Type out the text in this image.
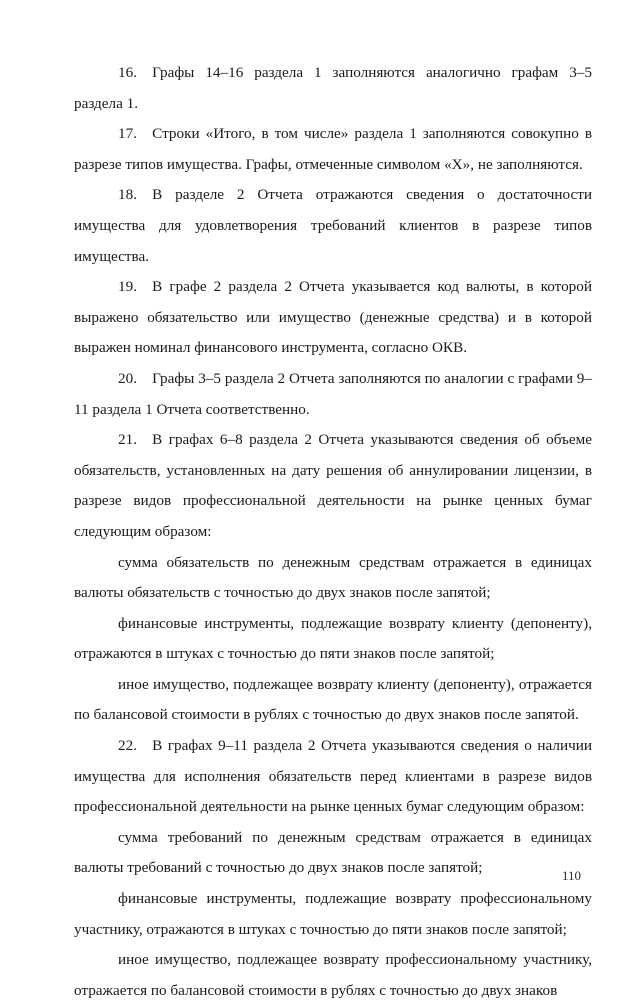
16. Графы 14–16 раздела 1 заполняются аналогично графам 3–5 раздела 1.

17. Строки «Итого, в том числе» раздела 1 заполняются совокупно в разрезе типов имущества. Графы, отмеченные символом «Х», не заполняются.

18. В разделе 2 Отчета отражаются сведения о достаточности имущества для удовлетворения требований клиентов в разрезе типов имущества.

19. В графе 2 раздела 2 Отчета указывается код валюты, в которой выражено обязательство или имущество (денежные средства) и в которой выражен номинал финансового инструмента, согласно ОКВ.

20. Графы 3–5 раздела 2 Отчета заполняются по аналогии с графами 9–11 раздела 1 Отчета соответственно.

21. В графах 6–8 раздела 2 Отчета указываются сведения об объеме обязательств, установленных на дату решения об аннулировании лицензии, в разрезе видов профессиональной деятельности на рынке ценных бумаг следующим образом:

сумма обязательств по денежным средствам отражается в единицах валюты обязательств с точностью до двух знаков после запятой;

финансовые инструменты, подлежащие возврату клиенту (депоненту), отражаются в штуках с точностью до пяти знаков после запятой;

иное имущество, подлежащее возврату клиенту (депоненту), отражается по балансовой стоимости в рублях с точностью до двух знаков после запятой.

22. В графах 9–11 раздела 2 Отчета указываются сведения о наличии имущества для исполнения обязательств перед клиентами в разрезе видов профессиональной деятельности на рынке ценных бумаг следующим образом:

сумма требований по денежным средствам отражается в единицах валюты требований с точностью до двух знаков после запятой;

финансовые инструменты, подлежащие возврату профессиональному участнику, отражаются в штуках с точностью до пяти знаков после запятой;

иное имущество, подлежащее возврату профессиональному участнику, отражается по балансовой стоимости в рублях с точностью до двух знаков

110
